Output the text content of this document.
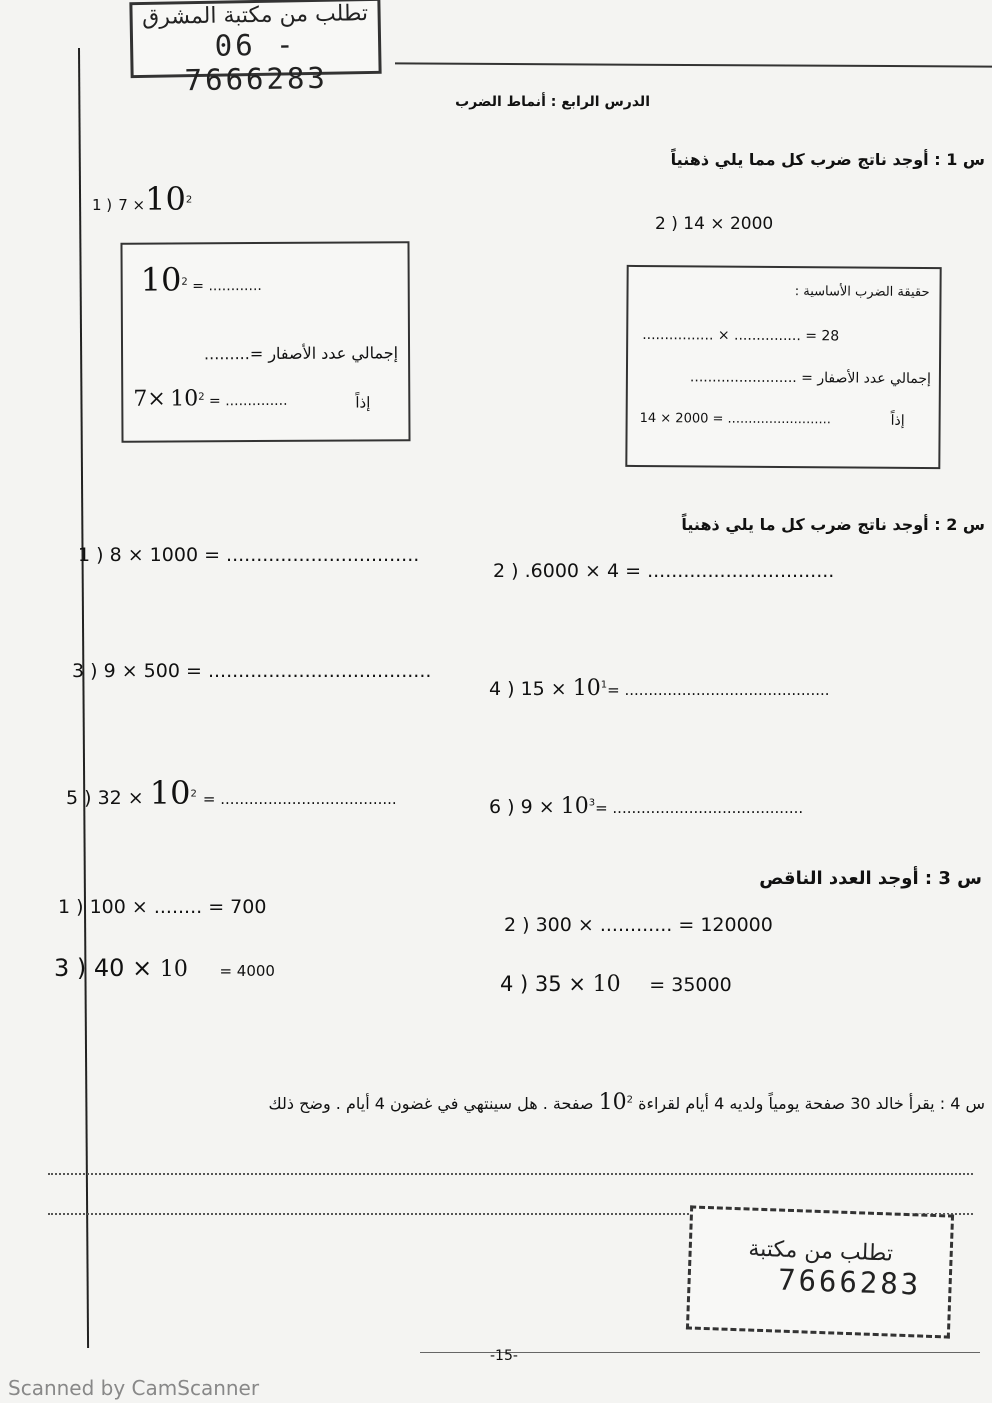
تطلب من مكتبة المشرق
06 - 7666283
الدرس الرابع : أنماط الضرب
س 1 : أوجد ناتج ضرب كل مما يلي ذهنياً
1 ) $7 \times 10^2$
2 ) 14 × 2000
$10^2$ = ............
إجمالي عدد الأصفار =.........
$7\times 10^2$ = ..............	إذاً
حقيقة الضرب الأساسية :
................ × ............... = 28
إجمالي عدد الأصفار = ........................
14 × 2000 = .........................	إذاً
س 2 : أوجد ناتج ضرب كل ما يلي ذهنياً
1 ) 8 × 1000 = ................................
2 ) .6000 × 4 = ...............................
3 ) 9 × 500 = .....................................
4 ) $15 \times 10^1=$ ...........................................
5 ) $32 \times 10^2$ = .....................................	6 ) $9 \times 10^3=$ ........................................
س 3 : أوجد العدد الناقص
1 ) 100 × ........ = 700
2 ) 300 × ............ = 120000
3 ) 40 × 10 = 4000
4 ) 35 × 10 = 35000
س 4 : يقرأ خالد 30 صفحة يومياً ولديه 4 أيام لقراءة $10^2$ صفحة . هل سينتهي في غضون 4 أيام . وضح ذلك
تطلب من مكتبة
7666283
-15-
Scanned by CamScanner
